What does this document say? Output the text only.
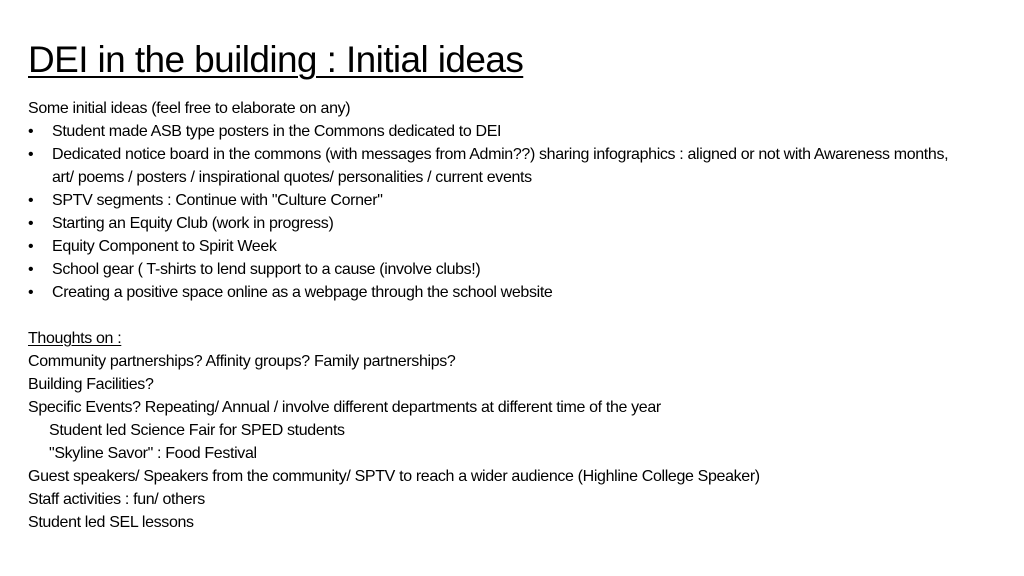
DEI in the building : Initial ideas
Some initial ideas (feel free to elaborate on any)
•	Student made ASB type posters in the Commons dedicated to DEI
•	Dedicated notice board in the commons (with messages from Admin??) sharing infographics : aligned or not with Awareness months, art/ poems / posters / inspirational quotes/ personalities / current events
•	SPTV segments : Continue with "Culture Corner"
•	Starting an Equity Club (work in progress)
•	Equity Component to Spirit Week
•	School gear ( T-shirts to lend support to a cause (involve clubs!)
•	Creating a positive space online as a webpage through the school website
Thoughts on :
Community partnerships? Affinity groups? Family partnerships?
Building Facilities?
Specific Events? Repeating/ Annual / involve different departments at different time of the year
Student led Science Fair for SPED students
"Skyline Savor" : Food Festival
Guest speakers/ Speakers from the community/ SPTV to reach a wider audience (Highline College Speaker)
Staff activities : fun/ others
Student led SEL lessons
